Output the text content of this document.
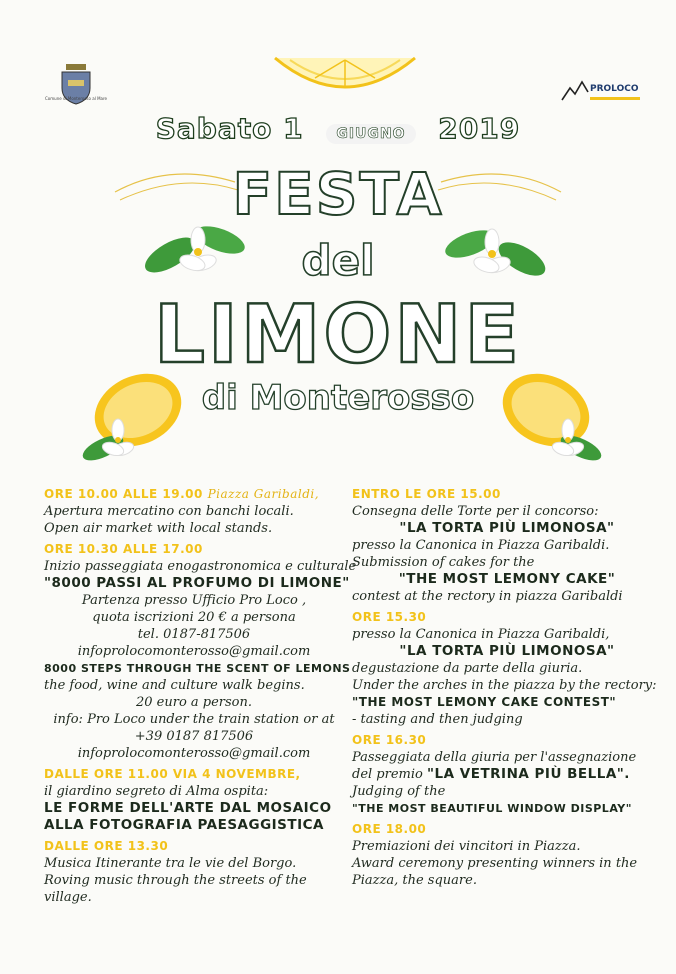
Comune di Monterosso al Mare
PROLOCO
Sabato 1 GIUGNO 2019
FESTA
del
LIMONE
di Monterosso
ORE 10.00 ALLE 19.00 Piazza Garibaldi,
Apertura mercatino con banchi locali.
Open air market with local stands.
ORE 10.30 ALLE 17.00
Inizio passeggiata enogastronomica e culturale
"8000 PASSI AL PROFUMO DI LIMONE"
Partenza presso Ufficio Pro Loco ,
quota iscrizioni 20 € a persona
tel. 0187-817506
infoprolocomonterosso@gmail.com
8000 STEPS THROUGH THE SCENT OF LEMONS
the food, wine and culture walk begins.
20 euro a person.
info: Pro Loco under the train station or at
+39 0187 817506
infoprolocomonterosso@gmail.com
DALLE ORE 11.00 VIA 4 NOVEMBRE,
il giardino segreto di Alma ospita:
LE FORME DELL'ARTE DAL MOSAICO
ALLA FOTOGRAFIA PAESAGGISTICA
DALLE ORE 13.30
Musica Itinerante tra le vie del Borgo.
Roving music through the streets of the
village.
ENTRO LE ORE 15.00
Consegna delle Torte per il concorso:
"LA TORTA PIÙ LIMONOSA"
presso la Canonica in Piazza Garibaldi.
Submission of cakes for the
"THE MOST LEMONY CAKE"
contest at the rectory in piazza Garibaldi
ORE 15.30
presso la Canonica in Piazza Garibaldi,
"LA TORTA PIÙ LIMONOSA"
degustazione da parte della giuria.
Under the arches in the piazza by the rectory:
"THE MOST LEMONY CAKE CONTEST"
- tasting and then judging
ORE 16.30
Passeggiata della giuria per l'assegnazione
del premio "LA VETRINA PIÙ BELLA".
Judging of the
"THE MOST BEAUTIFUL WINDOW DISPLAY"
ORE 18.00
Premiazioni dei vincitori in Piazza.
Award ceremony presenting winners in the
Piazza, the square.
